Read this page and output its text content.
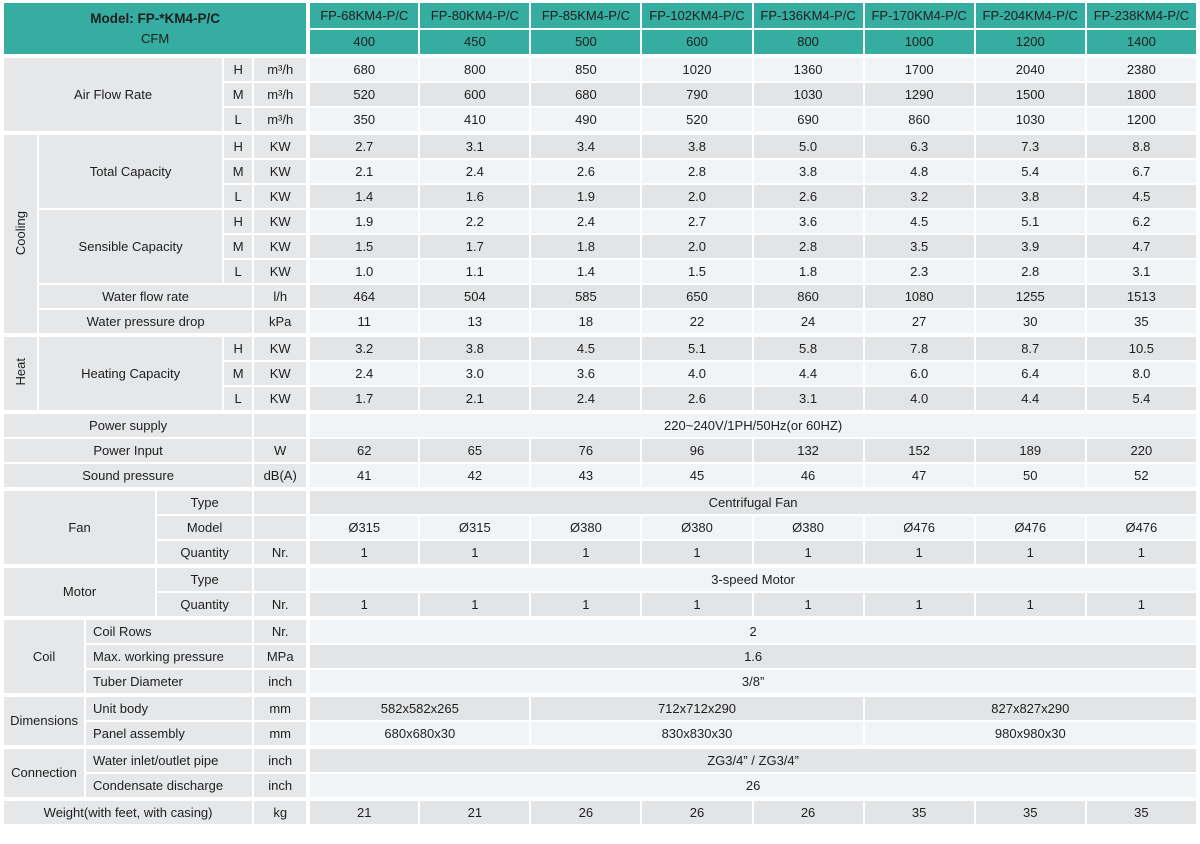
Model: FP-*KM4-P/C
CFM						FP-68KM4-P/C	FP-80KM4-P/C	FP-85KM4-P/C	FP-102KM4-P/C	FP-136KM4-P/C	FP-170KM4-P/C	FP-204KM4-P/C	FP-238KM4-P/C
						400	450	500	600	800	1000	1200	1400
Air Flow Rate				H	m³/h	680	800	850	1020	1360	1700	2040	2380
				M	m³/h	520	600	680	790	1030	1290	1500	1800
				L	m³/h	350	410	490	520	690	860	1030	1200
Cooling	Total Capacity			H	KW	2.7	3.1	3.4	3.8	5.0	6.3	7.3	8.8
				M	KW	2.1	2.4	2.6	2.8	3.8	4.8	5.4	6.7
				L	KW	1.4	1.6	1.9	2.0	2.6	3.2	3.8	4.5
	Sensible Capacity			H	KW	1.9	2.2	2.4	2.7	3.6	4.5	5.1	6.2
				M	KW	1.5	1.7	1.8	2.0	2.8	3.5	3.9	4.7
				L	KW	1.0	1.1	1.4	1.5	1.8	2.3	2.8	3.1
	Water flow rate				l/h	464	504	585	650	860	1080	1255	1513
	Water pressure drop				kPa	11	13	18	22	24	27	30	35
Heat	Heating Capacity			H	KW	3.2	3.8	4.5	5.1	5.8	7.8	8.7	10.5
				M	KW	2.4	3.0	3.6	4.0	4.4	6.0	6.4	8.0
				L	KW	1.7	2.1	2.4	2.6	3.1	4.0	4.4	5.4
Power supply						220~240V/1PH/50Hz(or 60HZ)							
Power Input					W	62	65	76	96	132	152	189	220
Sound pressure					dB(A)	41	42	43	45	46	47	50	52
Fan			Type			Centrifugal Fan							
			Model			Ø315	Ø315	Ø380	Ø380	Ø380	Ø476	Ø476	Ø476
			Quantity		Nr.	1	1	1	1	1	1	1	1
Motor			Type			3-speed Motor							
			Quantity		Nr.	1	1	1	1	1	1	1	1
Coil		Coil Rows			Nr.	2							
		Max. working pressure			MPa	1.6							
		Tuber Diameter			inch	3/8”							
Dimensions		Unit body			mm	582x582x265		712x712x290			827x827x290		
		Panel assembly			mm	680x680x30		830x830x30			980x980x30		
Connection		Water inlet/outlet pipe			inch	ZG3/4” / ZG3/4”							
		Condensate discharge			inch	26							
Weight(with feet, with casing)					kg	21	21	26	26	26	35	35	35
